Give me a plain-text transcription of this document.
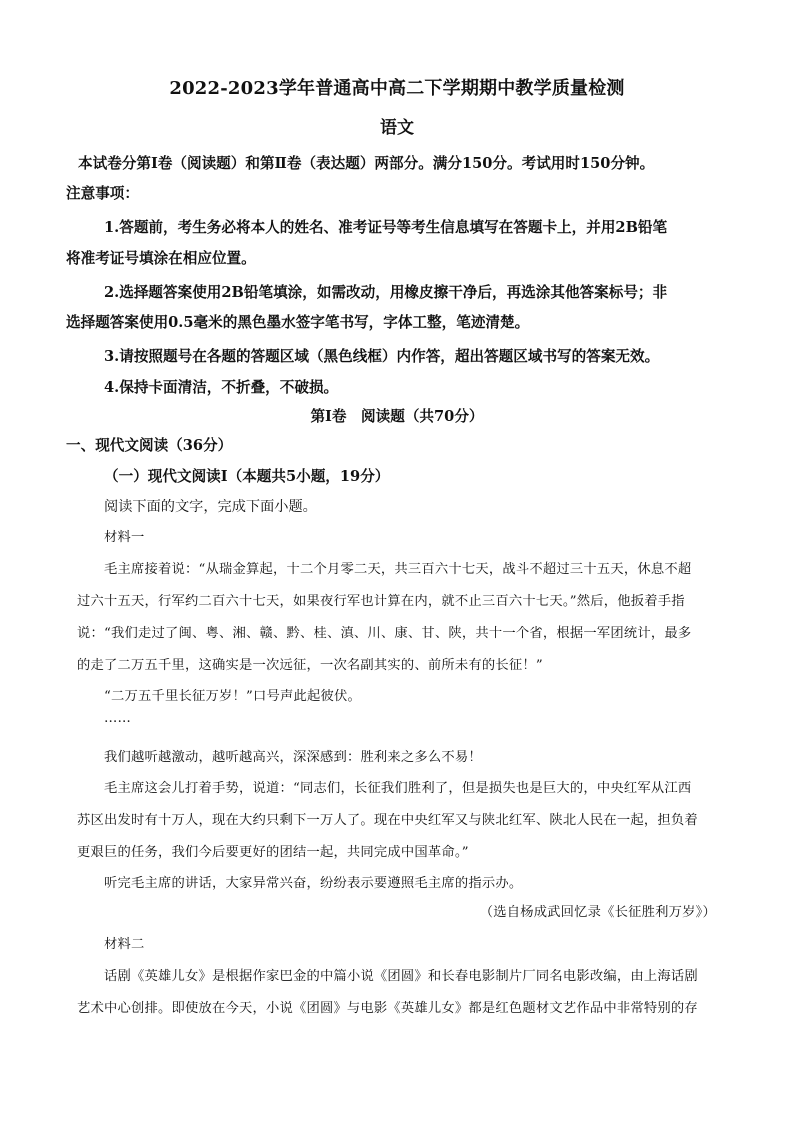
2022-2023学年普通高中高二下学期期中教学质量检测
语文
本试卷分第Ⅰ卷（阅读题）和第Ⅱ卷（表达题）两部分。满分150分。考试用时150分钟。
注意事项：
1.答题前，考生务必将本人的姓名、准考证号等考生信息填写在答题卡上，并用2B铅笔
将准考证号填涂在相应位置。
2.选择题答案使用2B铅笔填涂，如需改动，用橡皮擦干净后，再选涂其他答案标号；非
选择题答案使用0.5毫米的黑色墨水签字笔书写，字体工整，笔迹清楚。
3.请按照题号在各题的答题区域（黑色线框）内作答，超出答题区域书写的答案无效。
4.保持卡面清洁，不折叠，不破损。
第Ⅰ卷　阅读题（共70分）
一、现代文阅读（36分）
（一）现代文阅读Ⅰ（本题共5小题，19分）
阅读下面的文字，完成下面小题。
材料一
毛主席接着说：“从瑞金算起，十二个月零二天，共三百六十七天，战斗不超过三十五天，休息不超
过六十五天，行军约二百六十七天，如果夜行军也计算在内，就不止三百六十七天。”然后，他扳着手指
说：“我们走过了闽、粤、湘、赣、黔、桂、滇、川、康、甘、陕，共十一个省，根据一军团统计，最多
的走了二万五千里，这确实是一次远征，一次名副其实的、前所未有的长征！”
“二万五千里长征万岁！”口号声此起彼伏。
……
我们越听越激动，越听越高兴，深深感到：胜利来之多么不易！
毛主席这会儿打着手势，说道：“同志们，长征我们胜利了，但是损失也是巨大的，中央红军从江西
苏区出发时有十万人，现在大约只剩下一万人了。现在中央红军又与陕北红军、陕北人民在一起，担负着
更艰巨的任务，我们今后要更好的团结一起，共同完成中国革命。”
听完毛主席的讲话，大家异常兴奋，纷纷表示要遵照毛主席的指示办。
（选自杨成武回忆录《长征胜利万岁》）
材料二
话剧《英雄儿女》是根据作家巴金的中篇小说《团圆》和长春电影制片厂同名电影改编，由上海话剧
艺术中心创排。即使放在今天，小说《团圆》与电影《英雄儿女》都是红色题材文艺作品中非常特别的存
